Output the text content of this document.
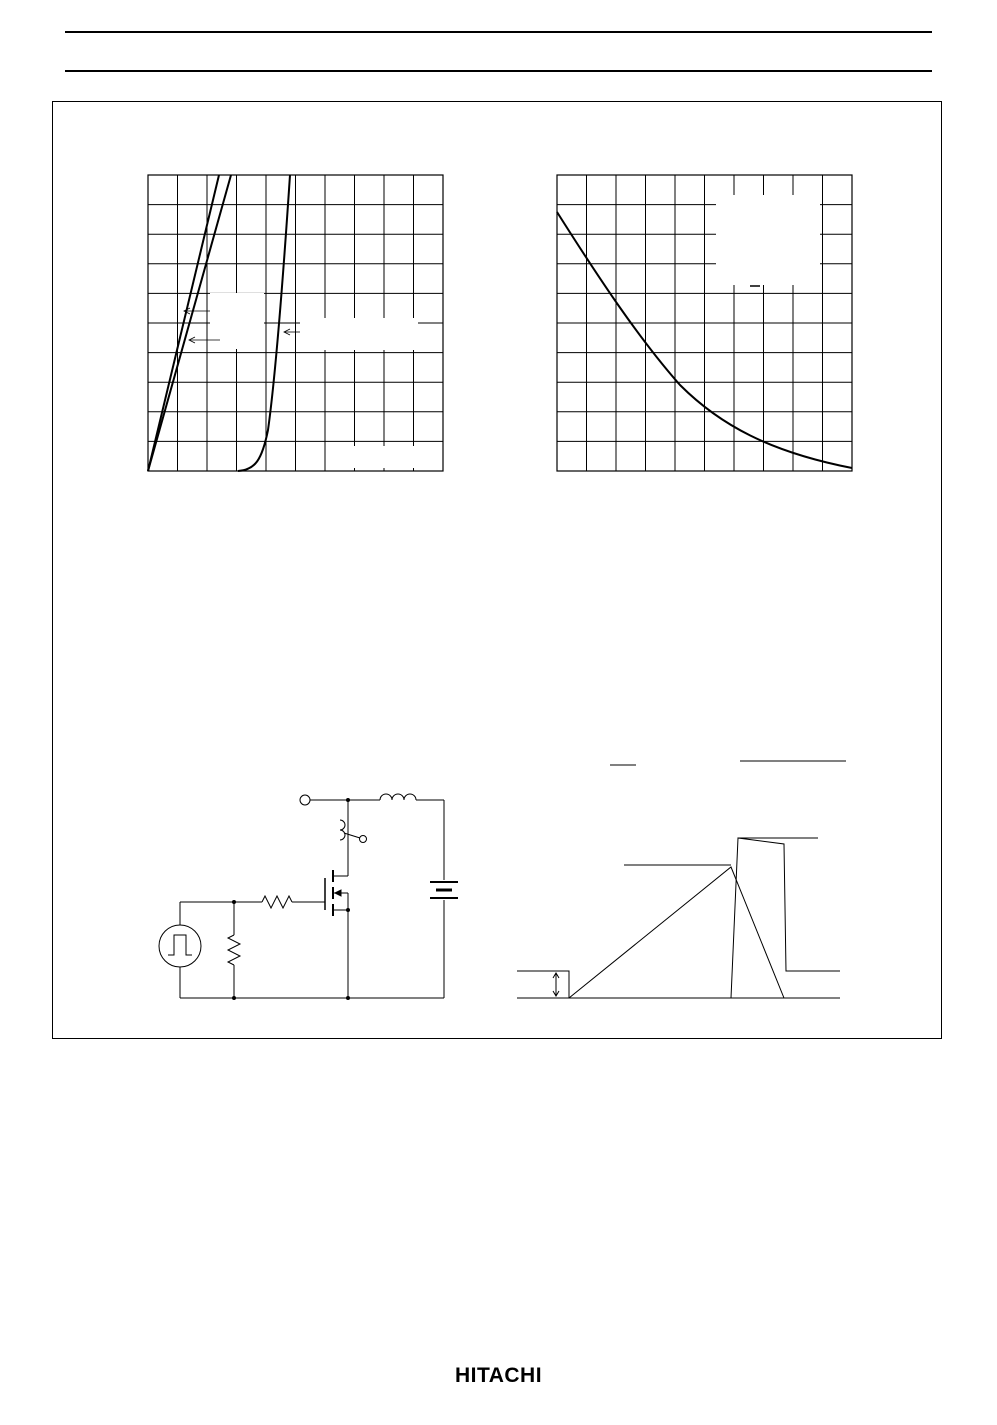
HITACHI
